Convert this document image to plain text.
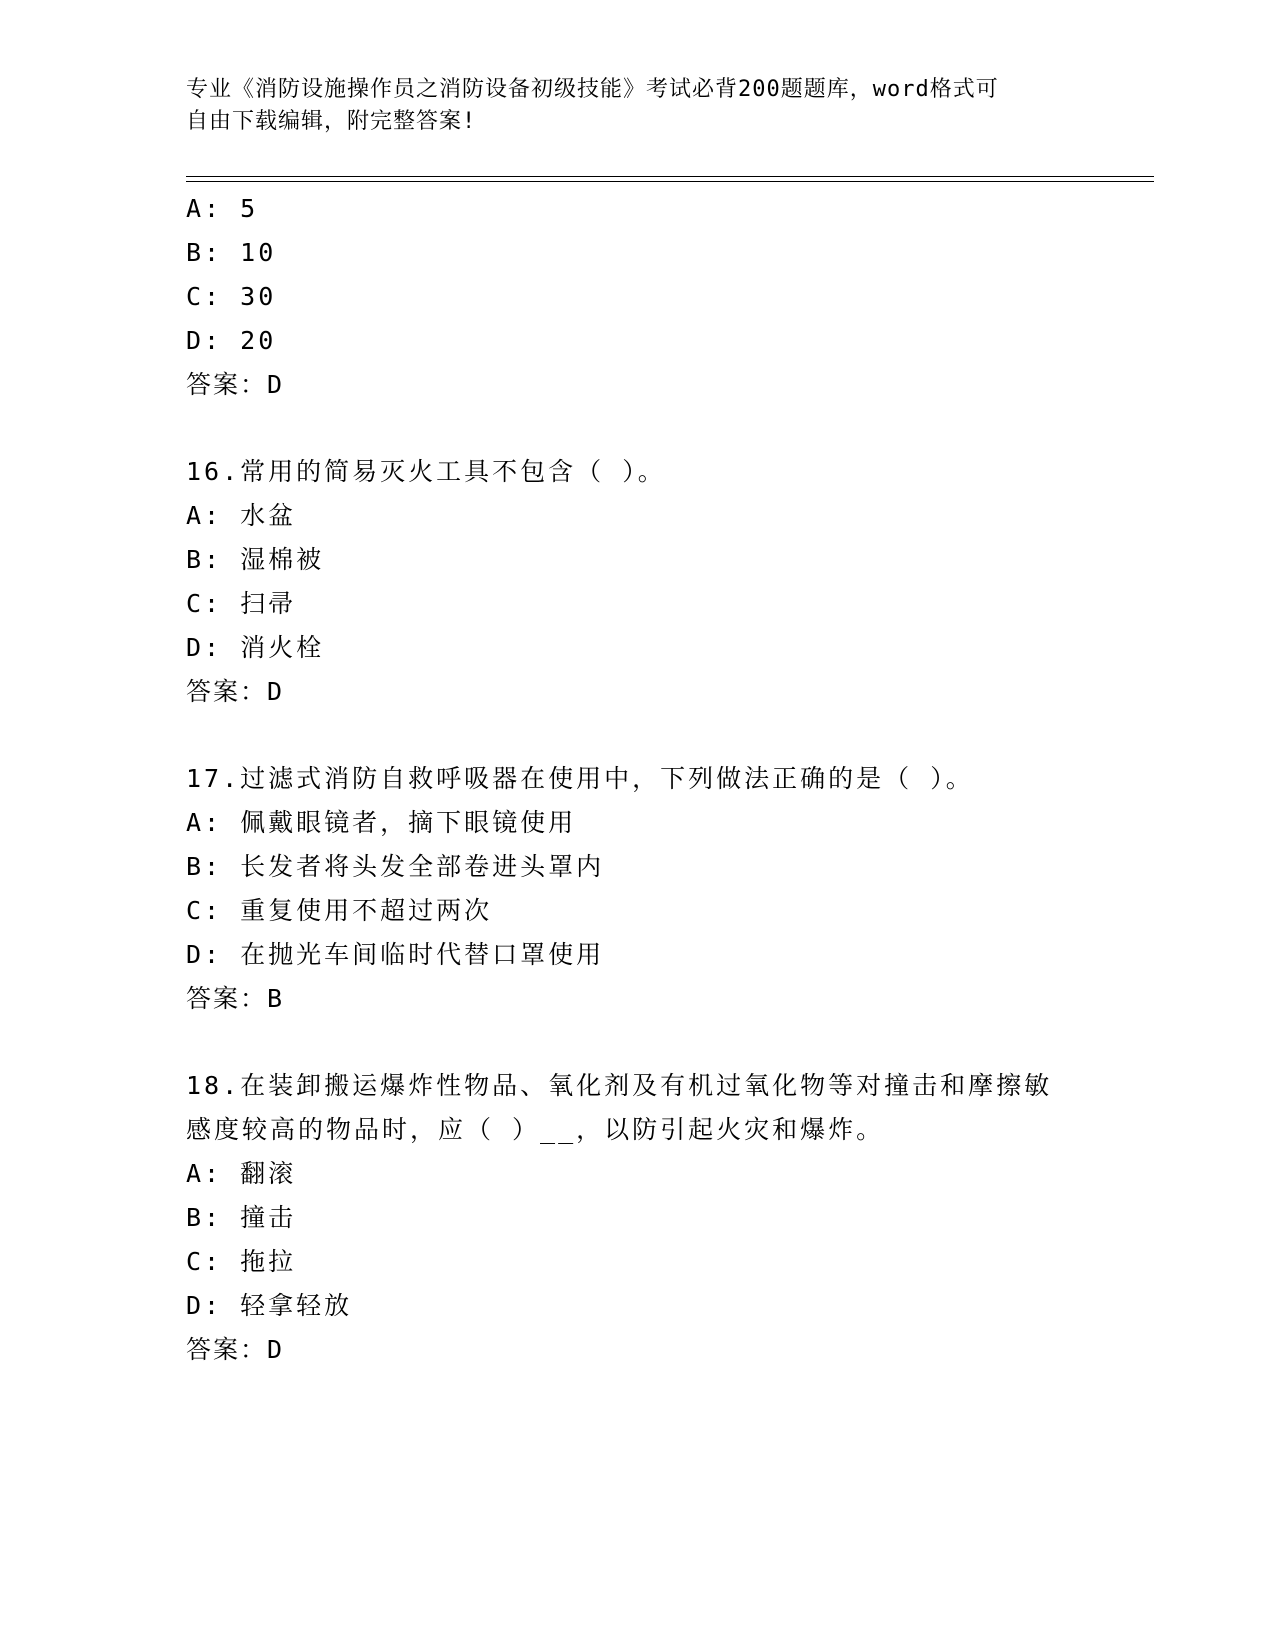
专业《消防设施操作员之消防设备初级技能》考试必背200题题库，word格式可
自由下载编辑，附完整答案!
A: 5
B: 10
C: 30
D: 20
答案：D
16.常用的简易灭火工具不包含（ ）。
A: 水盆
B: 湿棉被
C: 扫帚
D: 消火栓
答案：D
17.过滤式消防自救呼吸器在使用中，下列做法正确的是（ ）。
A: 佩戴眼镜者，摘下眼镜使用
B: 长发者将头发全部卷进头罩内
C: 重复使用不超过两次
D: 在抛光车间临时代替口罩使用
答案：B
18.在装卸搬运爆炸性物品、氧化剂及有机过氧化物等对撞击和摩擦敏
感度较高的物品时，应（ ）__，以防引起火灾和爆炸。
A: 翻滚
B: 撞击
C: 拖拉
D: 轻拿轻放
答案：D
